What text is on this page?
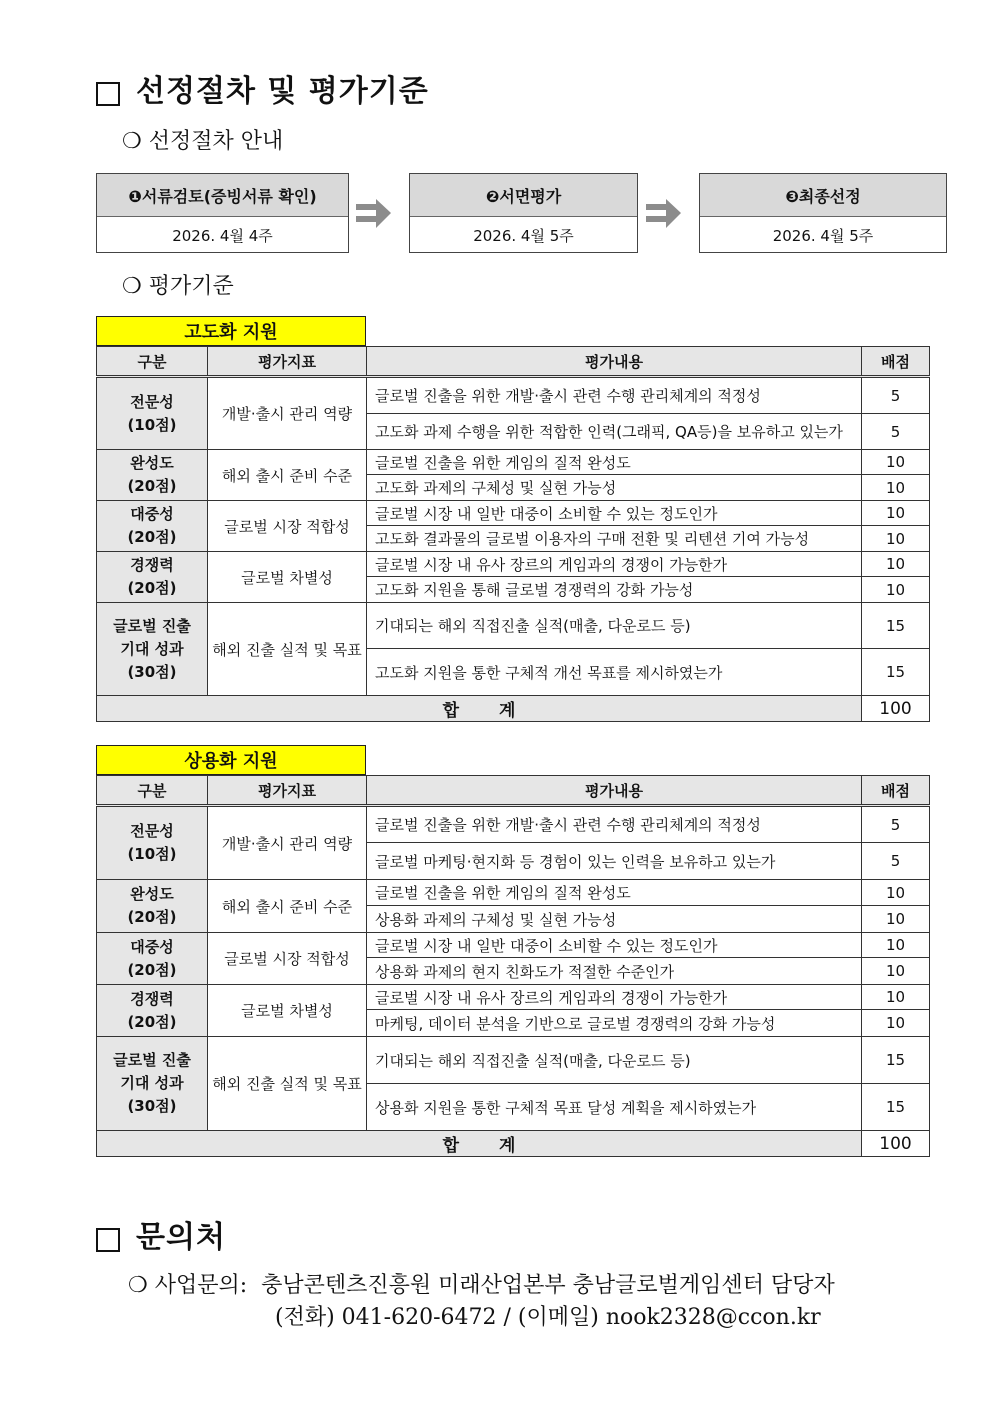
선정절차 및 평가기준
❍ 선정절차 안내
❶서류검토(증빙서류 확인)
2026. 4월 4주
❷서면평가
2026. 4월 5주
❸최종선정
2026. 4월 5주
❍ 평가기준
고도화 지원
구분	평가지표	평가내용	배점
전문성
(10점)	개발·출시 관리 역량	글로벌 진출을 위한 개발·출시 관련 수행 관리체계의 적정성	5
		고도화 과제 수행을 위한 적합한 인력(그래픽, QA등)을 보유하고 있는가	5
완성도
(20점)	해외 출시 준비 수준	글로벌 진출을 위한 게임의 질적 완성도	10
		고도화 과제의 구체성 및 실현 가능성	10
대중성
(20점)	글로벌 시장 적합성	글로벌 시장 내 일반 대중이 소비할 수 있는 정도인가	10
		고도화 결과물의 글로벌 이용자의 구매 전환 및 리텐션 기여 가능성	10
경쟁력
(20점)	글로벌 차별성	글로벌 시장 내 유사 장르의 게임과의 경쟁이 가능한가	10
		고도화 지원을 통해 글로벌 경쟁력의 강화 가능성	10
글로벌 진출
기대 성과
(30점)	해외 진출 실적 및 목표	기대되는 해외 직접진출 실적(매출, 다운로드 등)	15
		고도화 지원을 통한 구체적 개선 목표를 제시하였는가	15
합계			100
상용화 지원
구분	평가지표	평가내용	배점
전문성
(10점)	개발·출시 관리 역량	글로벌 진출을 위한 개발·출시 관련 수행 관리체계의 적정성	5
		글로벌 마케팅·현지화 등 경험이 있는 인력을 보유하고 있는가	5
완성도
(20점)	해외 출시 준비 수준	글로벌 진출을 위한 게임의 질적 완성도	10
		상용화 과제의 구체성 및 실현 가능성	10
대중성
(20점)	글로벌 시장 적합성	글로벌 시장 내 일반 대중이 소비할 수 있는 정도인가	10
		상용화 과제의 현지 친화도가 적절한 수준인가	10
경쟁력
(20점)	글로벌 차별성	글로벌 시장 내 유사 장르의 게임과의 경쟁이 가능한가	10
		마케팅, 데이터 분석을 기반으로 글로벌 경쟁력의 강화 가능성	10
글로벌 진출
기대 성과
(30점)	해외 진출 실적 및 목표	기대되는 해외 직접진출 실적(매출, 다운로드 등)	15
		상용화 지원을 통한 구체적 목표 달성 계획을 제시하였는가	15
합계			100
문의처
❍ 사업문의: 충남콘텐츠진흥원 미래산업본부 충남글로벌게임센터 담당자
(전화) 041-620-6472 / (이메일) nook2328@ccon.kr
